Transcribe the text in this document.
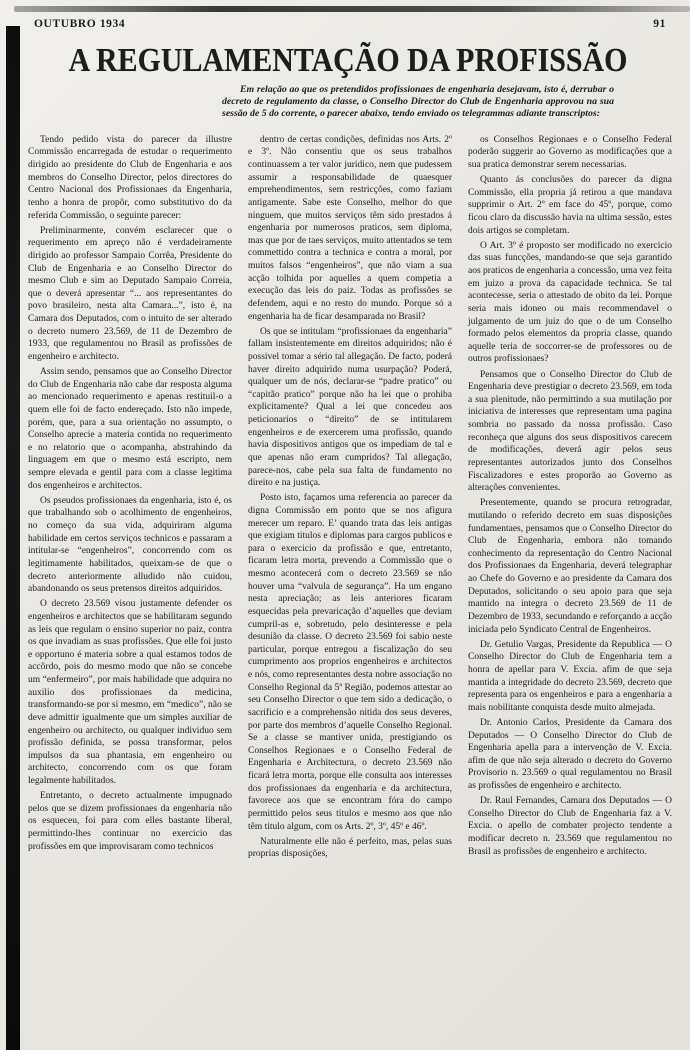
OUTUBRO 1934	91
A REGULAMENTAÇÃO DA PROFISSÃO

Em relação ao que os pretendidos profissionaes de engenharia desejavam, isto é, derrubar o decreto de regulamento da classe, o Conselho Director do Club de Engenharia approvou na sua sessão de 5 do corrente, o parecer abaixo, tendo enviado os telegrammas adiante transcriptos:

Tendo pedido vista do parecer da illustre Commissão encarregada de estudar o requerimento dirigido ao presidente do Club de Engenharia e aos membros do Conselho Director, pelos directores do Centro Nacional dos Profissionaes da Engenharia, tenho a honra de propôr, como substitutivo do da referida Commissão, o seguinte parecer:

Preliminarmente, convém esclarecer que o requerimento em apreço não é verdadeiramente dirigido ao professor Sampaio Corrêa, Presidente do Club de Engenharia e ao Conselho Director do mesmo Club e sim ao Deputado Sampaio Correia, que o deverá apresentar “... aos representantes do povo brasileiro, nesta alta Camara...”, isto é, na Camara dos Deputados, com o intuito de ser alterado o decreto numero 23.569, de 11 de Dezembro de 1933, que regulamentou no Brasil as profissões de engenheiro e architecto.

Assim sendo, pensamos que ao Conselho Director do Club de Engenharia não cabe dar resposta alguma ao mencionado requerimento e apenas restituil-o a quem elle foi de facto endereçado. Isto não impede, porém, que, para a sua orientação no assumpto, o Conselho aprecie a materia contida no requerimento e no relatorio que o acompanha, abstrahindo da linguagem em que o mesmo está escripto, nem sempre elevada e gentil para com a classe legitima dos engenheiros e architectos.

Os pseudos profissionaes da engenharia, isto é, os que trabalhando sob o acolhimento de engenheiros, no começo da sua vida, adquiriram alguma habilidade em certos serviços technicos e passaram a intitular-se “engenheiros”, concorrendo com os legitimamente habilitados, queixam-se de que o decreto anteriormente alludido não cuidou, abandonando os seus pretensos direitos adquiridos.

O decreto 23.569 visou justamente defender os engenheiros e architectos que se habilitaram segundo as leis que regulam o ensino superior no paiz, contra os que invadiam as suas profissões. Que elle foi justo e opportuno é materia sobre a qual estamos todos de accôrdo, pois do mesmo modo que não se concebe um “enfermeiro”, por mais habilidade que adquira no auxilio dos profissionaes da medicina, transformando-se por si mesmo, em “medico”, não se deve admittir igualmente que um simples auxiliar de engenheiro ou architecto, ou qualquer individuo sem profissão definida, se possa transformar, pelos impulsos da sua phantasia, em engenheiro ou architecto, concorrendo com os que foram legalmente habilitados.

Entretanto, o decreto actualmente impugnado pelos que se dizem profissionaes da engenharia não os esqueceu, foi para com elles bastante liberal, permittindo-lhes continuar no exercicio das profissões em que improvisaram como technicos

dentro de certas condições, definidas nos Arts. 2º e 3º. Não consentiu que os seus trabalhos continuassem a ter valor juridico, nem que pudessem assumir a responsabilidade de quaesquer emprehendimentos, sem restricções, como faziam antigamente. Sabe este Conselho, melhor do que ninguem, que muitos serviços têm sido prestados á engenharia por numerosos praticos, sem diploma, mas que por de taes serviços, muito attentados se tem commettido contra a technica e contra a moral, por muitos falsos “engenheiros”, que não viam a sua acção tolhida por aquelles a quem competia a execução das leis do paiz. Todas as profissões se defendem, aqui e no resto do mundo. Porque só a engenharia ha de ficar desamparada no Brasil?

Os que se intitulam “profissionaes da engenharia” fallam insistentemente em direitos adquiridos; não é possivel tomar a sério tal allegação. De facto, poderá haver direito adquirido numa usurpação? Poderá, qualquer um de nós, declarar-se “padre pratico” ou “capitão pratico” porque não ha lei que o prohiba explicitamente? Qual a lei que concedeu aos peticionarios o “direito” de se intitularem engenheiros e de exercerem uma profissão, quando havia dispositivos antigos que os impediam de tal e que apenas não eram cumpridos? Tal allegação, parece-nos, cabe pela sua falta de fundamento no direito e na justiça.

Posto isto, façamos uma referencia ao parecer da digna Commissão em ponto que se nos afigura merecer um reparo. E’ quando trata das leis antigas que exigiam titulos e diplomas para cargos publicos e para o exercicio da profissão e que, entretanto, ficaram letra morta, prevendo a Commissão que o mesmo acontecerá com o decreto 23.569 se não houver uma “valvula de segurança”. Ha um engano nesta apreciação; as leis anteriores ficaram esquecidas pela prevaricação d’aquelles que deviam cumpril-as e, sobretudo, pelo desinteresse e pela desunião da classe. O decreto 23.569 foi sabio neste particular, porque entregou a fiscalização do seu cumprimento aos proprios engenheiros e architectos e nós, como representantes desta nobre associação no Conselho Regional da 5ª Região, podemos attestar ao seu Conselho Director o que tem sido a dedicação, o sacrificio e a comprehensão nitida dos seus deveres, por parte dos membros d’aquelle Conselho Regional. Se a classe se mantiver unida, prestigiando os Conselhos Regionaes e o Conselho Federal de Engenharia e Architectura, o decreto 23.569 não ficará letra morta, porque elle consulta aos interesses dos profissionaes da engenharia e da architectura, favorece aos que se encontram fóra do campo permittido pelos seus titulos e mesmo aos que não têm titulo algum, com os Arts. 2º, 3º, 45º e 46º.

Naturalmente elle não é perfeito, mas, pelas suas proprias disposições,

os Conselhos Regionaes e o Conselho Federal poderão suggerir ao Governo as modificações que a sua pratica demonstrar serem necessarias.

Quanto ás conclusões do parecer da digna Commissão, ella propria já retirou a que mandava supprimir o Art. 2º em face do 45º, porque, como ficou claro da discussão havia na ultima sessão, estes dois artigos se completam.

O Art. 3º é proposto ser modificado no exercicio das suas funcções, mandando-se que seja garantido aos praticos de engenharia a concessão, uma vez feita em juizo a prova da capacidade technica. Se tal acontecesse, seria o attestado de obito da lei. Porque seria mais idoneo ou mais recommendavel o julgamento de um juiz do que o de um Conselho formado pelos elementos da propria classe, quando aquelle teria de soccorrer-se de professores ou de outros profissionaes?

Pensamos que o Conselho Director do Club de Engenharia deve prestigiar o decreto 23.569, em toda a sua plenitude, não permittindo a sua mutilação por iniciativa de interesses que representam uma pagina sombria no passado da nossa profissão. Caso reconheça que alguns dos seus dispositivos carecem de modificações, deverá agir pelos seus representantes autorizados junto dos Conselhos Fiscalizadores e estes proporão ao Governo as alterações convenientes.

Presentemente, quando se procura retrogradar, mutilando o referido decreto em suas disposições fundamentaes, pensamos que o Conselho Director do Club de Engenharia, embora não tomando conhecimento da representação do Centro Nacional dos Profissionaes da Engenharia, deverá telegraphar ao Chefe do Governo e ao presidente da Camara dos Deputados, solicitando o seu apoio para que seja mantido na integra o decreto 23.569 de 11 de Dezembro de 1933, secundando e reforçando a acção iniciada pelo Syndicato Central de Engenheiros.

Dr. Getulio Vargas, Presidente da Republica — O Conselho Director do Club de Engenharia tem a honra de apellar para V. Excia. afim de que seja mantida a integridade do decreto 23.569, decreto que representa para os engenheiros e para a engenharia a mais nobilitante conquista desde muito almejada.

Dr. Antonio Carlos, Presidente da Camara dos Deputados — O Conselho Director do Club de Engenharia apella para a intervenção de V. Excia. afim de que não seja alterado o decreto do Governo Provisorio n. 23.569 o qual regulamentou no Brasil as profissões de engenheiro e architecto.

Dr. Raul Fernandes, Camara dos Deputados — O Conselho Director do Club de Engenharia faz a V. Excia. o apello de combater projecto tendente a modificar decreto n. 23.569 que regulamentou no Brasil as profissões de engenheiro e architecto.
